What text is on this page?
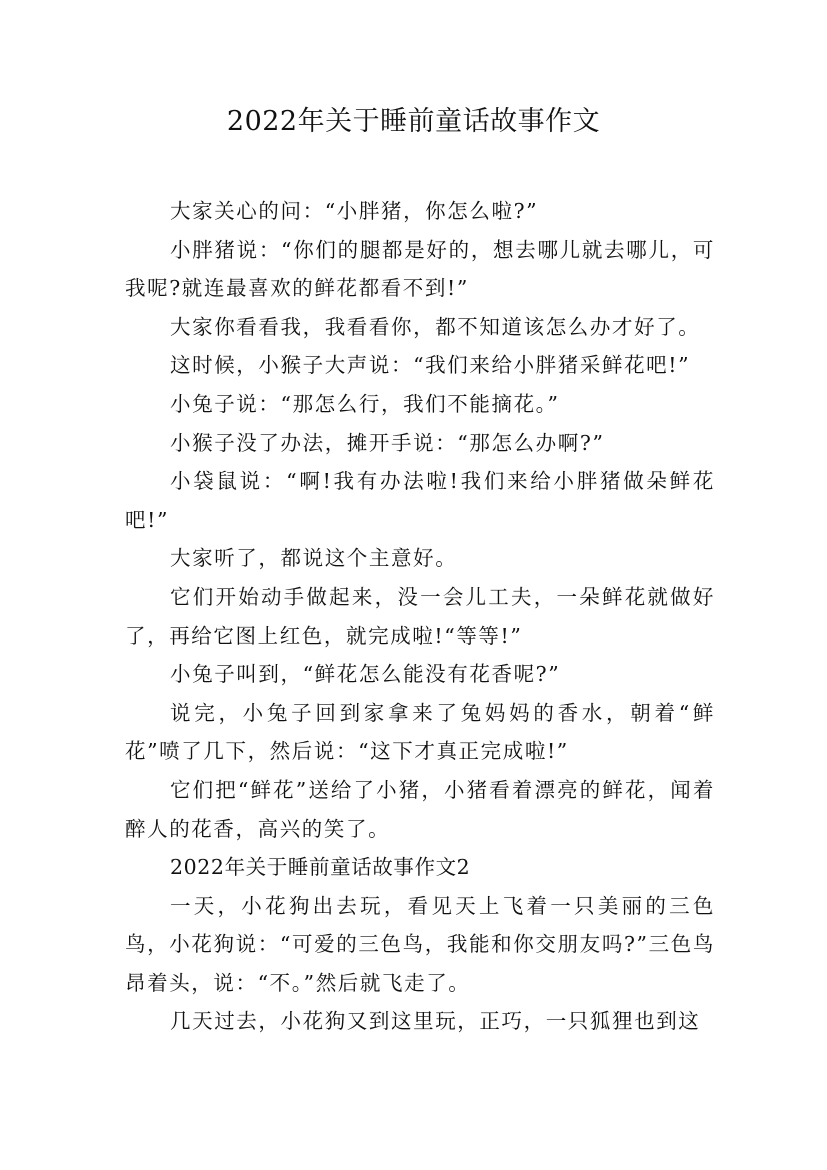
2022年关于睡前童话故事作文

大家关心的问：“小胖猪，你怎么啦?”

小胖猪说：“你们的腿都是好的，想去哪儿就去哪儿，可我呢?就连最喜欢的鲜花都看不到!”

大家你看看我，我看看你，都不知道该怎么办才好了。

这时候，小猴子大声说：“我们来给小胖猪采鲜花吧!”

小兔子说：“那怎么行，我们不能摘花。”

小猴子没了办法，摊开手说：“那怎么办啊?”

小袋鼠说：“啊!我有办法啦!我们来给小胖猪做朵鲜花吧!”

大家听了，都说这个主意好。

它们开始动手做起来，没一会儿工夫，一朵鲜花就做好了，再给它图上红色，就完成啦!“等等!”

小兔子叫到，“鲜花怎么能没有花香呢?”

说完，小兔子回到家拿来了兔妈妈的香水，朝着“鲜花”喷了几下，然后说：“这下才真正完成啦!”

它们把“鲜花”送给了小猪，小猪看着漂亮的鲜花，闻着醉人的花香，高兴的笑了。

2022年关于睡前童话故事作文2

一天，小花狗出去玩，看见天上飞着一只美丽的三色鸟，小花狗说：“可爱的三色鸟，我能和你交朋友吗?”三色鸟昂着头，说：“不。”然后就飞走了。

几天过去，小花狗又到这里玩，正巧，一只狐狸也到这
